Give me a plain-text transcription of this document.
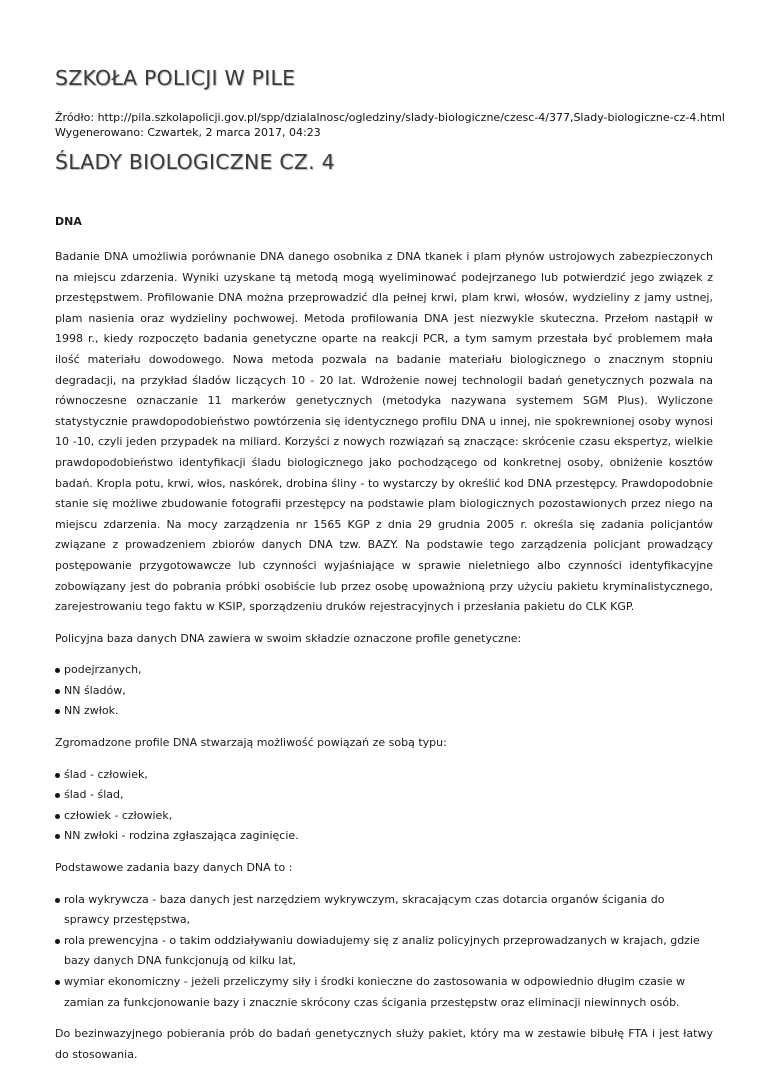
SZKOŁA POLICJI W PILE
Źródło: http://pila.szkolapolicji.gov.pl/spp/dzialalnosc/ogledziny/slady-biologiczne/czesc-4/377,Slady-biologiczne-cz-4.html
Wygenerowano: Czwartek, 2 marca 2017, 04:23
ŚLADY BIOLOGICZNE CZ. 4
DNA

Badanie DNA umożliwia porównanie DNA danego osobnika z DNA tkanek i plam płynów ustrojowych zabezpieczonych na miejscu zdarzenia. Wyniki uzyskane tą metodą mogą wyeliminować podejrzanego lub potwierdzić jego związek z przestępstwem. Profilowanie DNA można przeprowadzić dla pełnej krwi, plam krwi, włosów, wydzieliny z jamy ustnej, plam nasienia oraz wydzieliny pochwowej. Metoda profilowania DNA jest niezwykle skuteczna. Przełom nastąpił w 1998 r., kiedy rozpoczęto badania genetyczne oparte na reakcji PCR, a tym samym przestała być problemem mała ilość materiału dowodowego. Nowa metoda pozwala na badanie materiału biologicznego o znacznym stopniu degradacji, na przykład śladów liczących 10 - 20 lat. Wdrożenie nowej technologii badań genetycznych pozwala na równoczesne oznaczanie 11 markerów genetycznych (metodyka nazywana systemem SGM Plus). Wyliczone statystycznie prawdopodobieństwo powtórzenia się identycznego profilu DNA u innej, nie spokrewnionej osoby wynosi 10 -10, czyli jeden przypadek na miliard. Korzyści z nowych rozwiązań są znaczące: skrócenie czasu ekspertyz, wielkie prawdopodobieństwo identyfikacji śladu biologicznego jako pochodzącego od konkretnej osoby, obniżenie kosztów badań. Kropla potu, krwi, włos, naskórek, drobina śliny - to wystarczy by określić kod DNA przestępcy. Prawdopodobnie stanie się możliwe zbudowanie fotografii przestępcy na podstawie plam biologicznych pozostawionych przez niego na miejscu zdarzenia. Na mocy zarządzenia nr 1565 KGP z dnia 29 grudnia 2005 r. określa się zadania policjantów związane z prowadzeniem zbiorów danych DNA tzw. BAZY. Na podstawie tego zarządzenia policjant prowadzący postępowanie przygotowawcze lub czynności wyjaśniające w sprawie nieletniego albo czynności identyfikacyjne zobowiązany jest do pobrania próbki osobiście lub przez osobę upoważnioną przy użyciu pakietu kryminalistycznego, zarejestrowaniu tego faktu w KSIP, sporządzeniu druków rejestracyjnych i przesłania pakietu do CLK KGP.

Policyjna baza danych DNA zawiera w swoim składzie oznaczone profile genetyczne:

podejrzanych,
NN śladów,
NN zwłok.

Zgromadzone profile DNA stwarzają możliwość powiązań ze sobą typu:

ślad - człowiek,
ślad - ślad,
człowiek - człowiek,
NN zwłoki - rodzina zgłaszająca zaginięcie.

Podstawowe zadania bazy danych DNA to :

rola wykrywcza - baza danych jest narzędziem wykrywczym, skracającym czas dotarcia organów ścigania do sprawcy przestępstwa,
rola prewencyjna - o takim oddziaływaniu dowiadujemy się z analiz policyjnych przeprowadzanych w krajach, gdzie bazy danych DNA funkcjonują od kilku lat,
wymiar ekonomiczny - jeżeli przeliczymy siły i środki konieczne do zastosowania w odpowiednio długim czasie w zamian za funkcjonowanie bazy i znacznie skrócony czas ścigania przestępstw oraz eliminacji niewinnych osób.

Do bezinwazyjnego pobierania prób do badań genetycznych służy pakiet, który ma w zestawie bibułę FTA i jest łatwy do stosowania.
